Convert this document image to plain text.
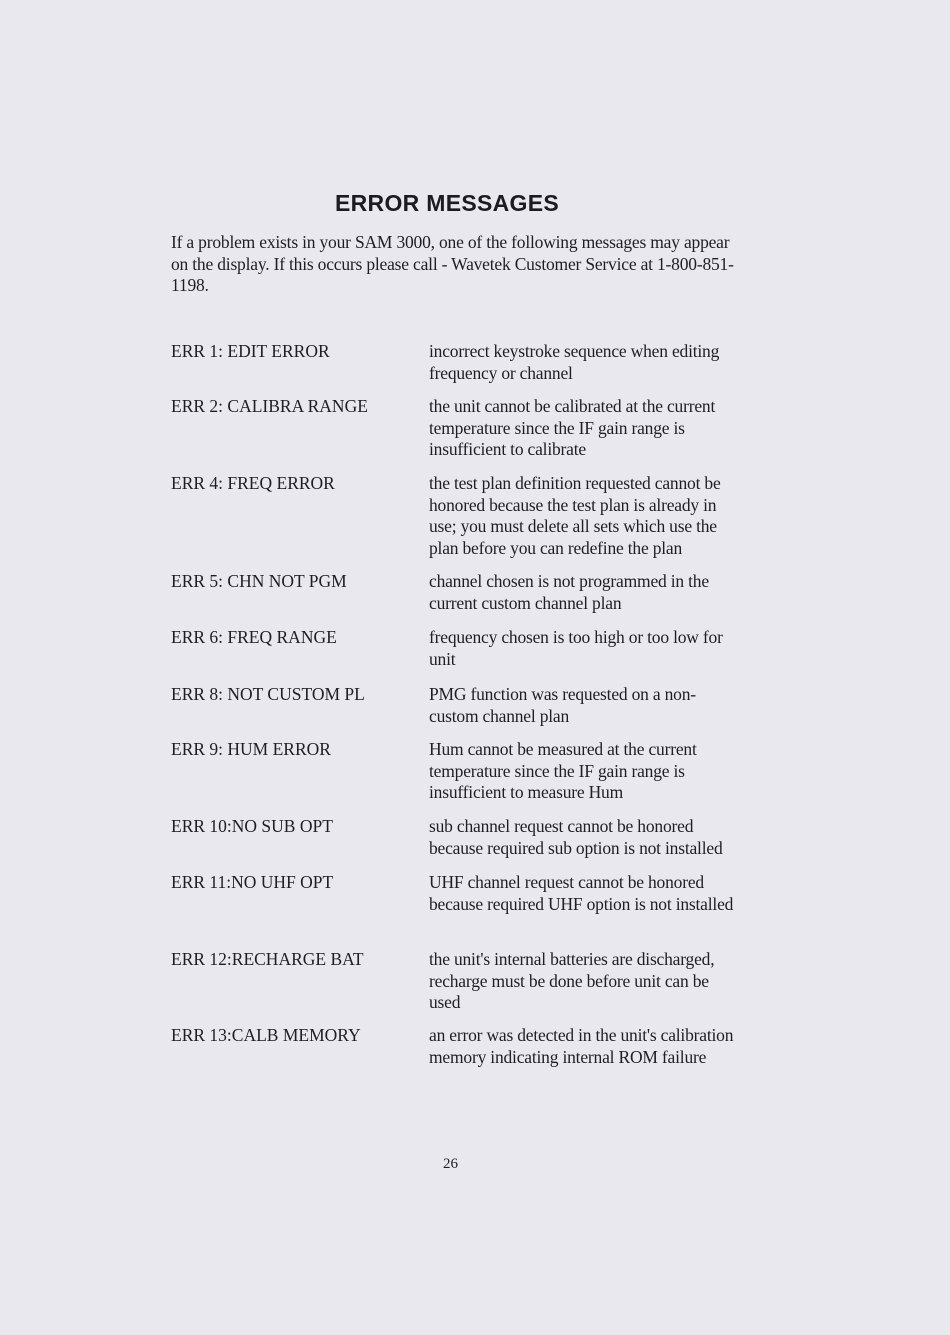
ERROR MESSAGES

If a problem exists in your SAM 3000, one of the following messages may appear on the display. If this occurs please call - Wavetek Customer Service at 1-800-851-1198.

ERR 1: EDIT ERROR	incorrect keystroke sequence when editing frequency or channel
ERR 2: CALIBRA RANGE	the unit cannot be calibrated at the current temperature since the IF gain range is insufficient to calibrate
ERR 4: FREQ ERROR	the test plan definition requested cannot be honored because the test plan is already in use; you must delete all sets which use the plan before you can redefine the plan
ERR 5: CHN NOT PGM	channel chosen is not programmed in the current custom channel plan
ERR 6: FREQ RANGE	frequency chosen is too high or too low for unit
ERR 8: NOT CUSTOM PL	PMG function was requested on a non-custom channel plan
ERR 9: HUM ERROR	Hum cannot be measured at the current temperature since the IF gain range is insufficient to measure Hum
ERR 10:NO SUB OPT	sub channel request cannot be honored because required sub option is not installed
ERR 11:NO UHF OPT	UHF channel request cannot be honored because required UHF option is not installed
ERR 12:RECHARGE BAT	the unit's internal batteries are discharged, recharge must be done before unit can be used
ERR 13:CALB MEMORY	an error was detected in the unit's calibration memory indicating internal ROM failure
26
